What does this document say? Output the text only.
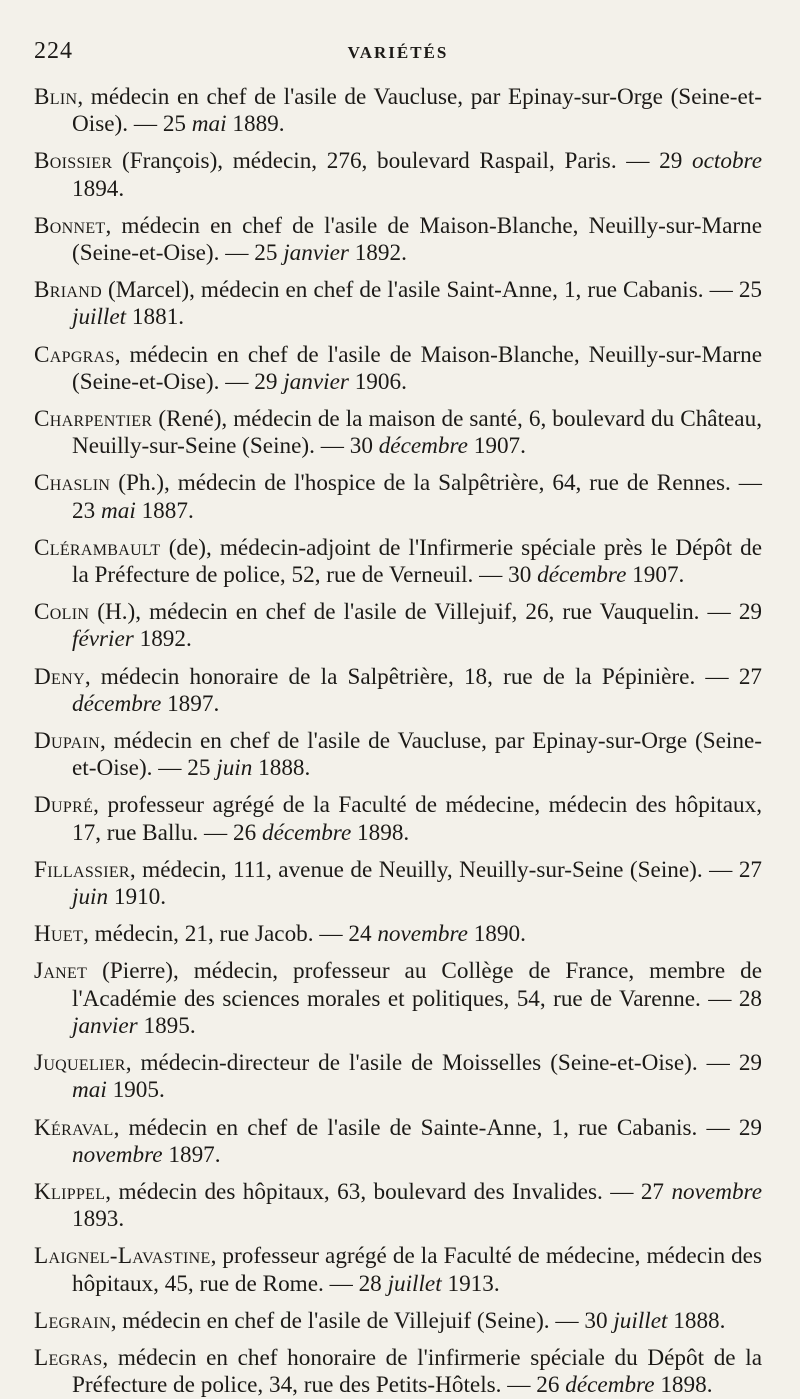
224	VARIÉTÉS

Blin, médecin en chef de l'asile de Vaucluse, par Epinay-sur-Orge (Seine-et-Oise). — 25 mai 1889.

Boissier (François), médecin, 276, boulevard Raspail, Paris. — 29 octobre 1894.

Bonnet, médecin en chef de l'asile de Maison-Blanche, Neuilly-sur-Marne (Seine-et-Oise). — 25 janvier 1892.

Briand (Marcel), médecin en chef de l'asile Saint-Anne, 1, rue Cabanis. — 25 juillet 1881.

Capgras, médecin en chef de l'asile de Maison-Blanche, Neuilly-sur-Marne (Seine-et-Oise). — 29 janvier 1906.

Charpentier (René), médecin de la maison de santé, 6, boulevard du Château, Neuilly-sur-Seine (Seine). — 30 décembre 1907.

Chaslin (Ph.), médecin de l'hospice de la Salpêtrière, 64, rue de Rennes. — 23 mai 1887.

Clérambault (de), médecin-adjoint de l'Infirmerie spéciale près le Dépôt de la Préfecture de police, 52, rue de Verneuil. — 30 décembre 1907.

Colin (H.), médecin en chef de l'asile de Villejuif, 26, rue Vauquelin. — 29 février 1892.

Deny, médecin honoraire de la Salpêtrière, 18, rue de la Pépinière. — 27 décembre 1897.

Dupain, médecin en chef de l'asile de Vaucluse, par Epinay-sur-Orge (Seine-et-Oise). — 25 juin 1888.

Dupré, professeur agrégé de la Faculté de médecine, médecin des hôpitaux, 17, rue Ballu. — 26 décembre 1898.

Fillassier, médecin, 111, avenue de Neuilly, Neuilly-sur-Seine (Seine). — 27 juin 1910.

Huet, médecin, 21, rue Jacob. — 24 novembre 1890.

Janet (Pierre), médecin, professeur au Collège de France, membre de l'Académie des sciences morales et politiques, 54, rue de Varenne. — 28 janvier 1895.

Juquelier, médecin-directeur de l'asile de Moisselles (Seine-et-Oise). — 29 mai 1905.

Kéraval, médecin en chef de l'asile de Sainte-Anne, 1, rue Cabanis. — 29 novembre 1897.

Klippel, médecin des hôpitaux, 63, boulevard des Invalides. — 27 novembre 1893.

Laignel-Lavastine, professeur agrégé de la Faculté de médecine, médecin des hôpitaux, 45, rue de Rome. — 28 juillet 1913.

Legrain, médecin en chef de l'asile de Villejuif (Seine). — 30 juillet 1888.

Legras, médecin en chef honoraire de l'infirmerie spéciale du Dépôt de la Préfecture de police, 34, rue des Petits-Hôtels. — 26 décembre 1898.
